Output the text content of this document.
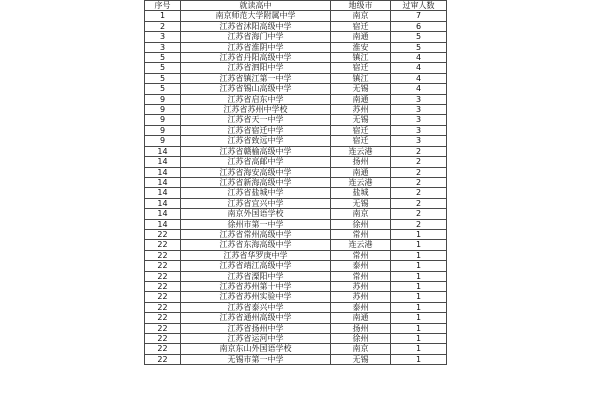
序号	就读高中	地级市	过审人数
1	南京师范大学附属中学	南京	7
2	江苏省沭阳高级中学	宿迁	6
3	江苏省海门中学	南通	5
3	江苏省淮阴中学	淮安	5
5	江苏省丹阳高级中学	镇江	4
5	江苏省泗阳中学	宿迁	4
5	江苏省镇江第一中学	镇江	4
5	江苏省锡山高级中学	无锡	4
9	江苏省启东中学	南通	3
9	江苏省苏州中学校	苏州	3
9	江苏省天一中学	无锡	3
9	江苏省宿迁中学	宿迁	3
9	江苏省致远中学	宿迁	3
14	江苏省赣榆高级中学	连云港	2
14	江苏省高邮中学	扬州	2
14	江苏省海安高级中学	南通	2
14	江苏省新海高级中学	连云港	2
14	江苏省盐城中学	盐城	2
14	江苏省宜兴中学	无锡	2
14	南京外国语学校	南京	2
14	徐州市第一中学	徐州	2
22	江苏省常州高级中学	常州	1
22	江苏省东海高级中学	连云港	1
22	江苏省华罗庚中学	常州	1
22	江苏省靖江高级中学	泰州	1
22	江苏省溧阳中学	常州	1
22	江苏省苏州第十中学	苏州	1
22	江苏省苏州实验中学	苏州	1
22	江苏省泰兴中学	泰州	1
22	江苏省通州高级中学	南通	1
22	江苏省扬州中学	扬州	1
22	江苏省运河中学	徐州	1
22	南京东山外国语学校	南京	1
22	无锡市第一中学	无锡	1
